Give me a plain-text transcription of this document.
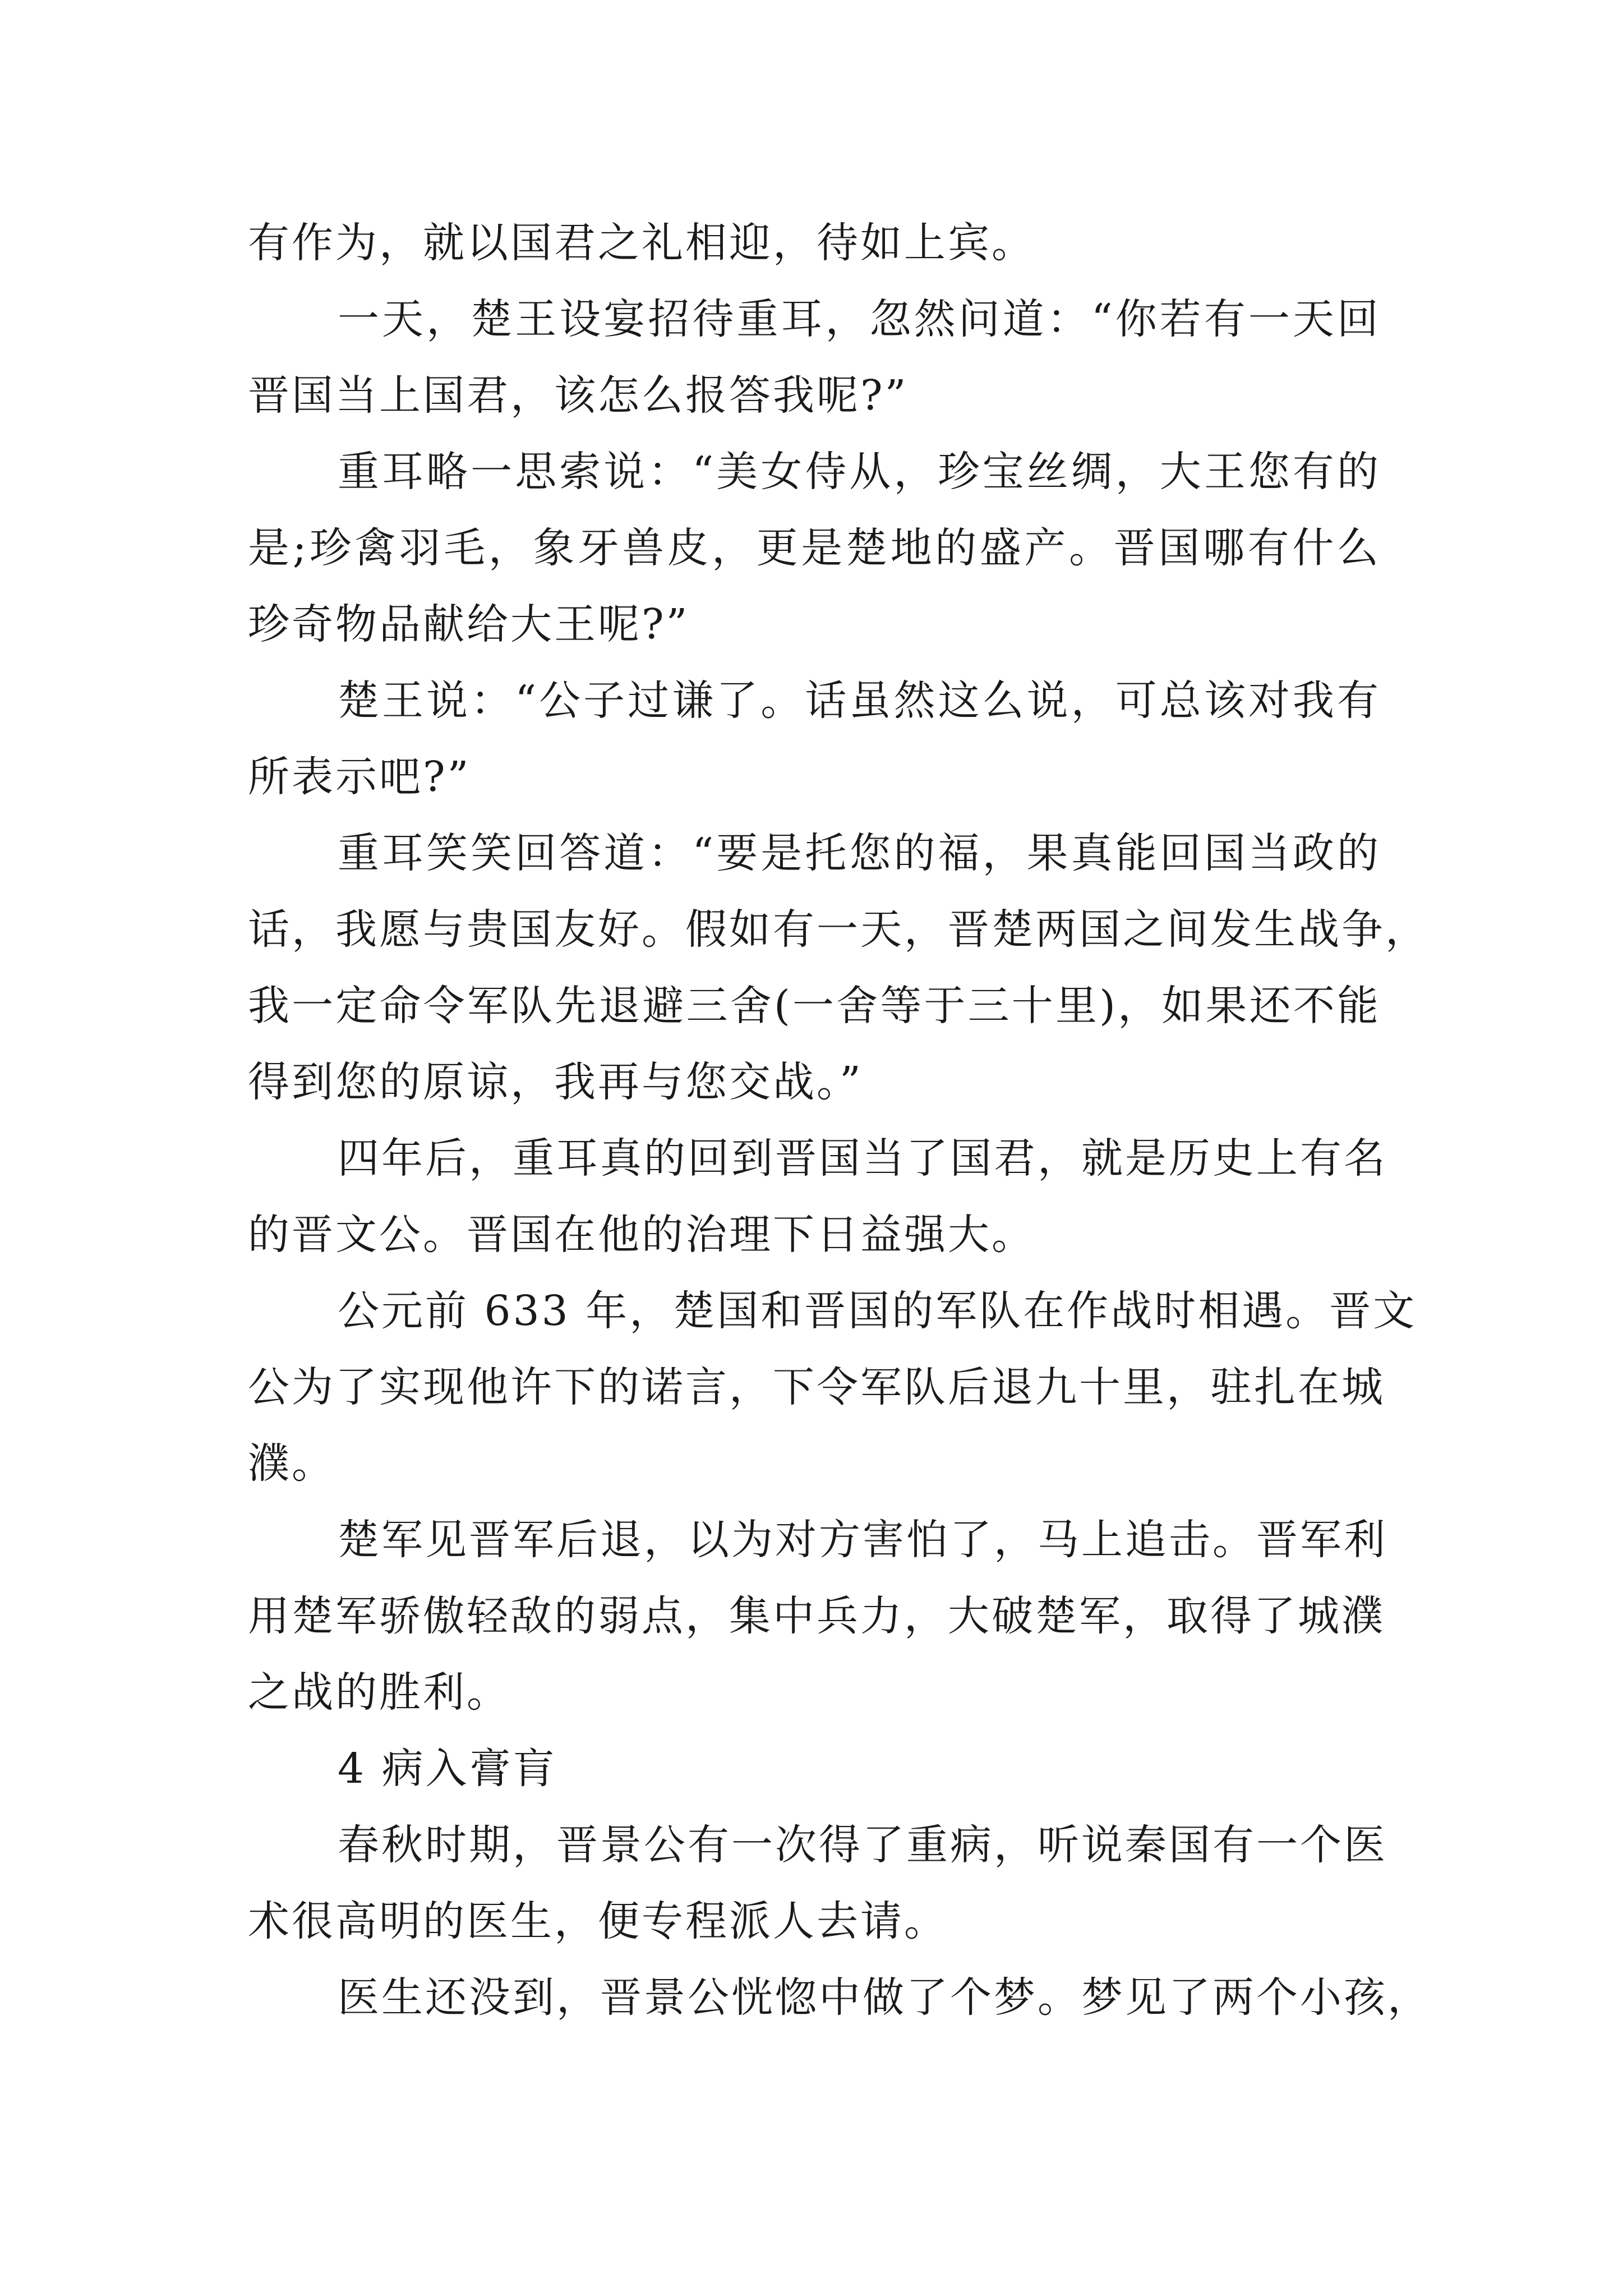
有作为，就以国君之礼相迎，待如上宾。
一天，楚王设宴招待重耳，忽然问道：“你若有一天回
晋国当上国君，该怎么报答我呢?”
重耳略一思索说：“美女侍从，珍宝丝绸，大王您有的
是;珍禽羽毛，象牙兽皮，更是楚地的盛产。晋国哪有什么
珍奇物品献给大王呢?”
楚王说：“公子过谦了。话虽然这么说，可总该对我有
所表示吧?”
重耳笑笑回答道：“要是托您的福，果真能回国当政的
话，我愿与贵国友好。假如有一天，晋楚两国之间发生战争，
我一定命令军队先退避三舍(一舍等于三十里)，如果还不能
得到您的原谅，我再与您交战。”
四年后，重耳真的回到晋国当了国君，就是历史上有名
的晋文公。晋国在他的治理下日益强大。
公元前 633 年，楚国和晋国的军队在作战时相遇。晋文
公为了实现他许下的诺言，下令军队后退九十里，驻扎在城
濮。
楚军见晋军后退，以为对方害怕了，马上追击。晋军利
用楚军骄傲轻敌的弱点，集中兵力，大破楚军，取得了城濮
之战的胜利。
4 病入膏肓
春秋时期，晋景公有一次得了重病，听说秦国有一个医
术很高明的医生，便专程派人去请。
医生还没到，晋景公恍惚中做了个梦。梦见了两个小孩，
